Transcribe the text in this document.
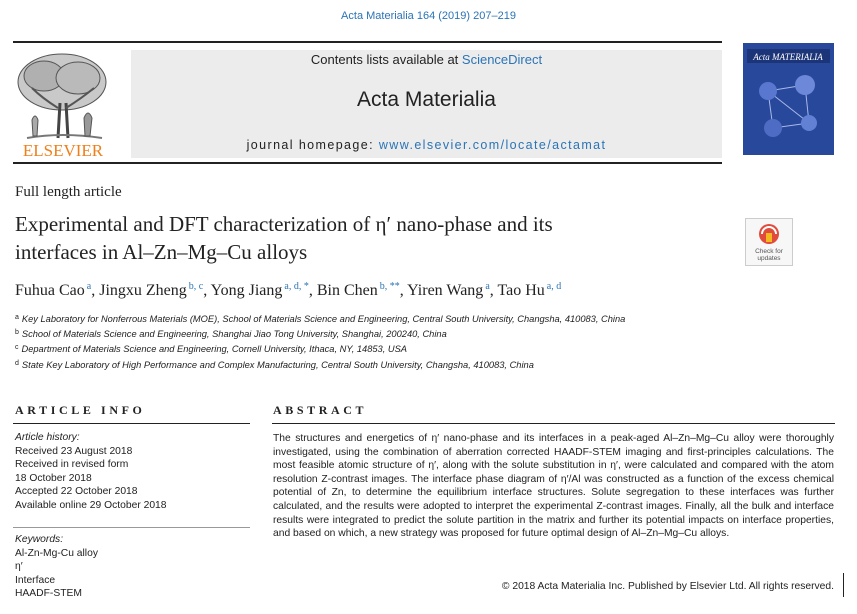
Acta Materialia 164 (2019) 207–219
ELSEVIER
Contents lists available at ScienceDirect
Acta Materialia
journal homepage: www.elsevier.com/locate/actamat
Acta MATERIALIA
Full length article
Experimental and DFT characterization of η′ nano-phase and its
interfaces in Al–Zn–Mg–Cu alloys	Check for
updates
Fuhua Cao $^a$, Jingxu Zheng $^{b, c}$, Yong Jiang $^{a, d, *}$, Bin Chen $^{b, **}$, Yiren Wang $^a$, Tao Hu $^{a, d}$
$^a$ Key Laboratory for Nonferrous Materials (MOE), School of Materials Science and Engineering, Central South University, Changsha, 410083, China
$^b$ School of Materials Science and Engineering, Shanghai Jiao Tong University, Shanghai, 200240, China
$^c$ Department of Materials Science and Engineering, Cornell University, Ithaca, NY, 14853, USA
$^d$ State Key Laboratory of High Performance and Complex Manufacturing, Central South University, Changsha, 410083, China
ARTICLE INFO	ABSTRACT
Article history:
Received 23 August 2018
Received in revised form
18 October 2018
Accepted 22 October 2018
Available online 29 October 2018
Keywords:
Al-Zn-Mg-Cu alloy
η′
Interface
HAADF-STEM
The structures and energetics of η′ nano-phase and its interfaces in a peak-aged Al–Zn–Mg–Cu alloy were thoroughly investigated, using the combination of aberration corrected HAADF-STEM imaging and first-principles calculations. The most feasible atomic structure of η′, along with the solute substitution in η′, were calculated and compared with the atom resolution Z-contrast images. The interface phase diagram of η′/Al was constructed as a function of the excess chemical potential of Zn, to determine the equilibrium interface structures. Solute segregation to these interfaces was further calculated, and the results were adopted to interpret the experimental Z-contrast images. Finally, all the bulk and interface results were integrated to predict the solute partition in the matrix and further its potential impacts on interface properties, and based on which, a new strategy was proposed for future optimal design of Al–Zn–Mg–Cu alloys.
© 2018 Acta Materialia Inc. Published by Elsevier Ltd. All rights reserved.
